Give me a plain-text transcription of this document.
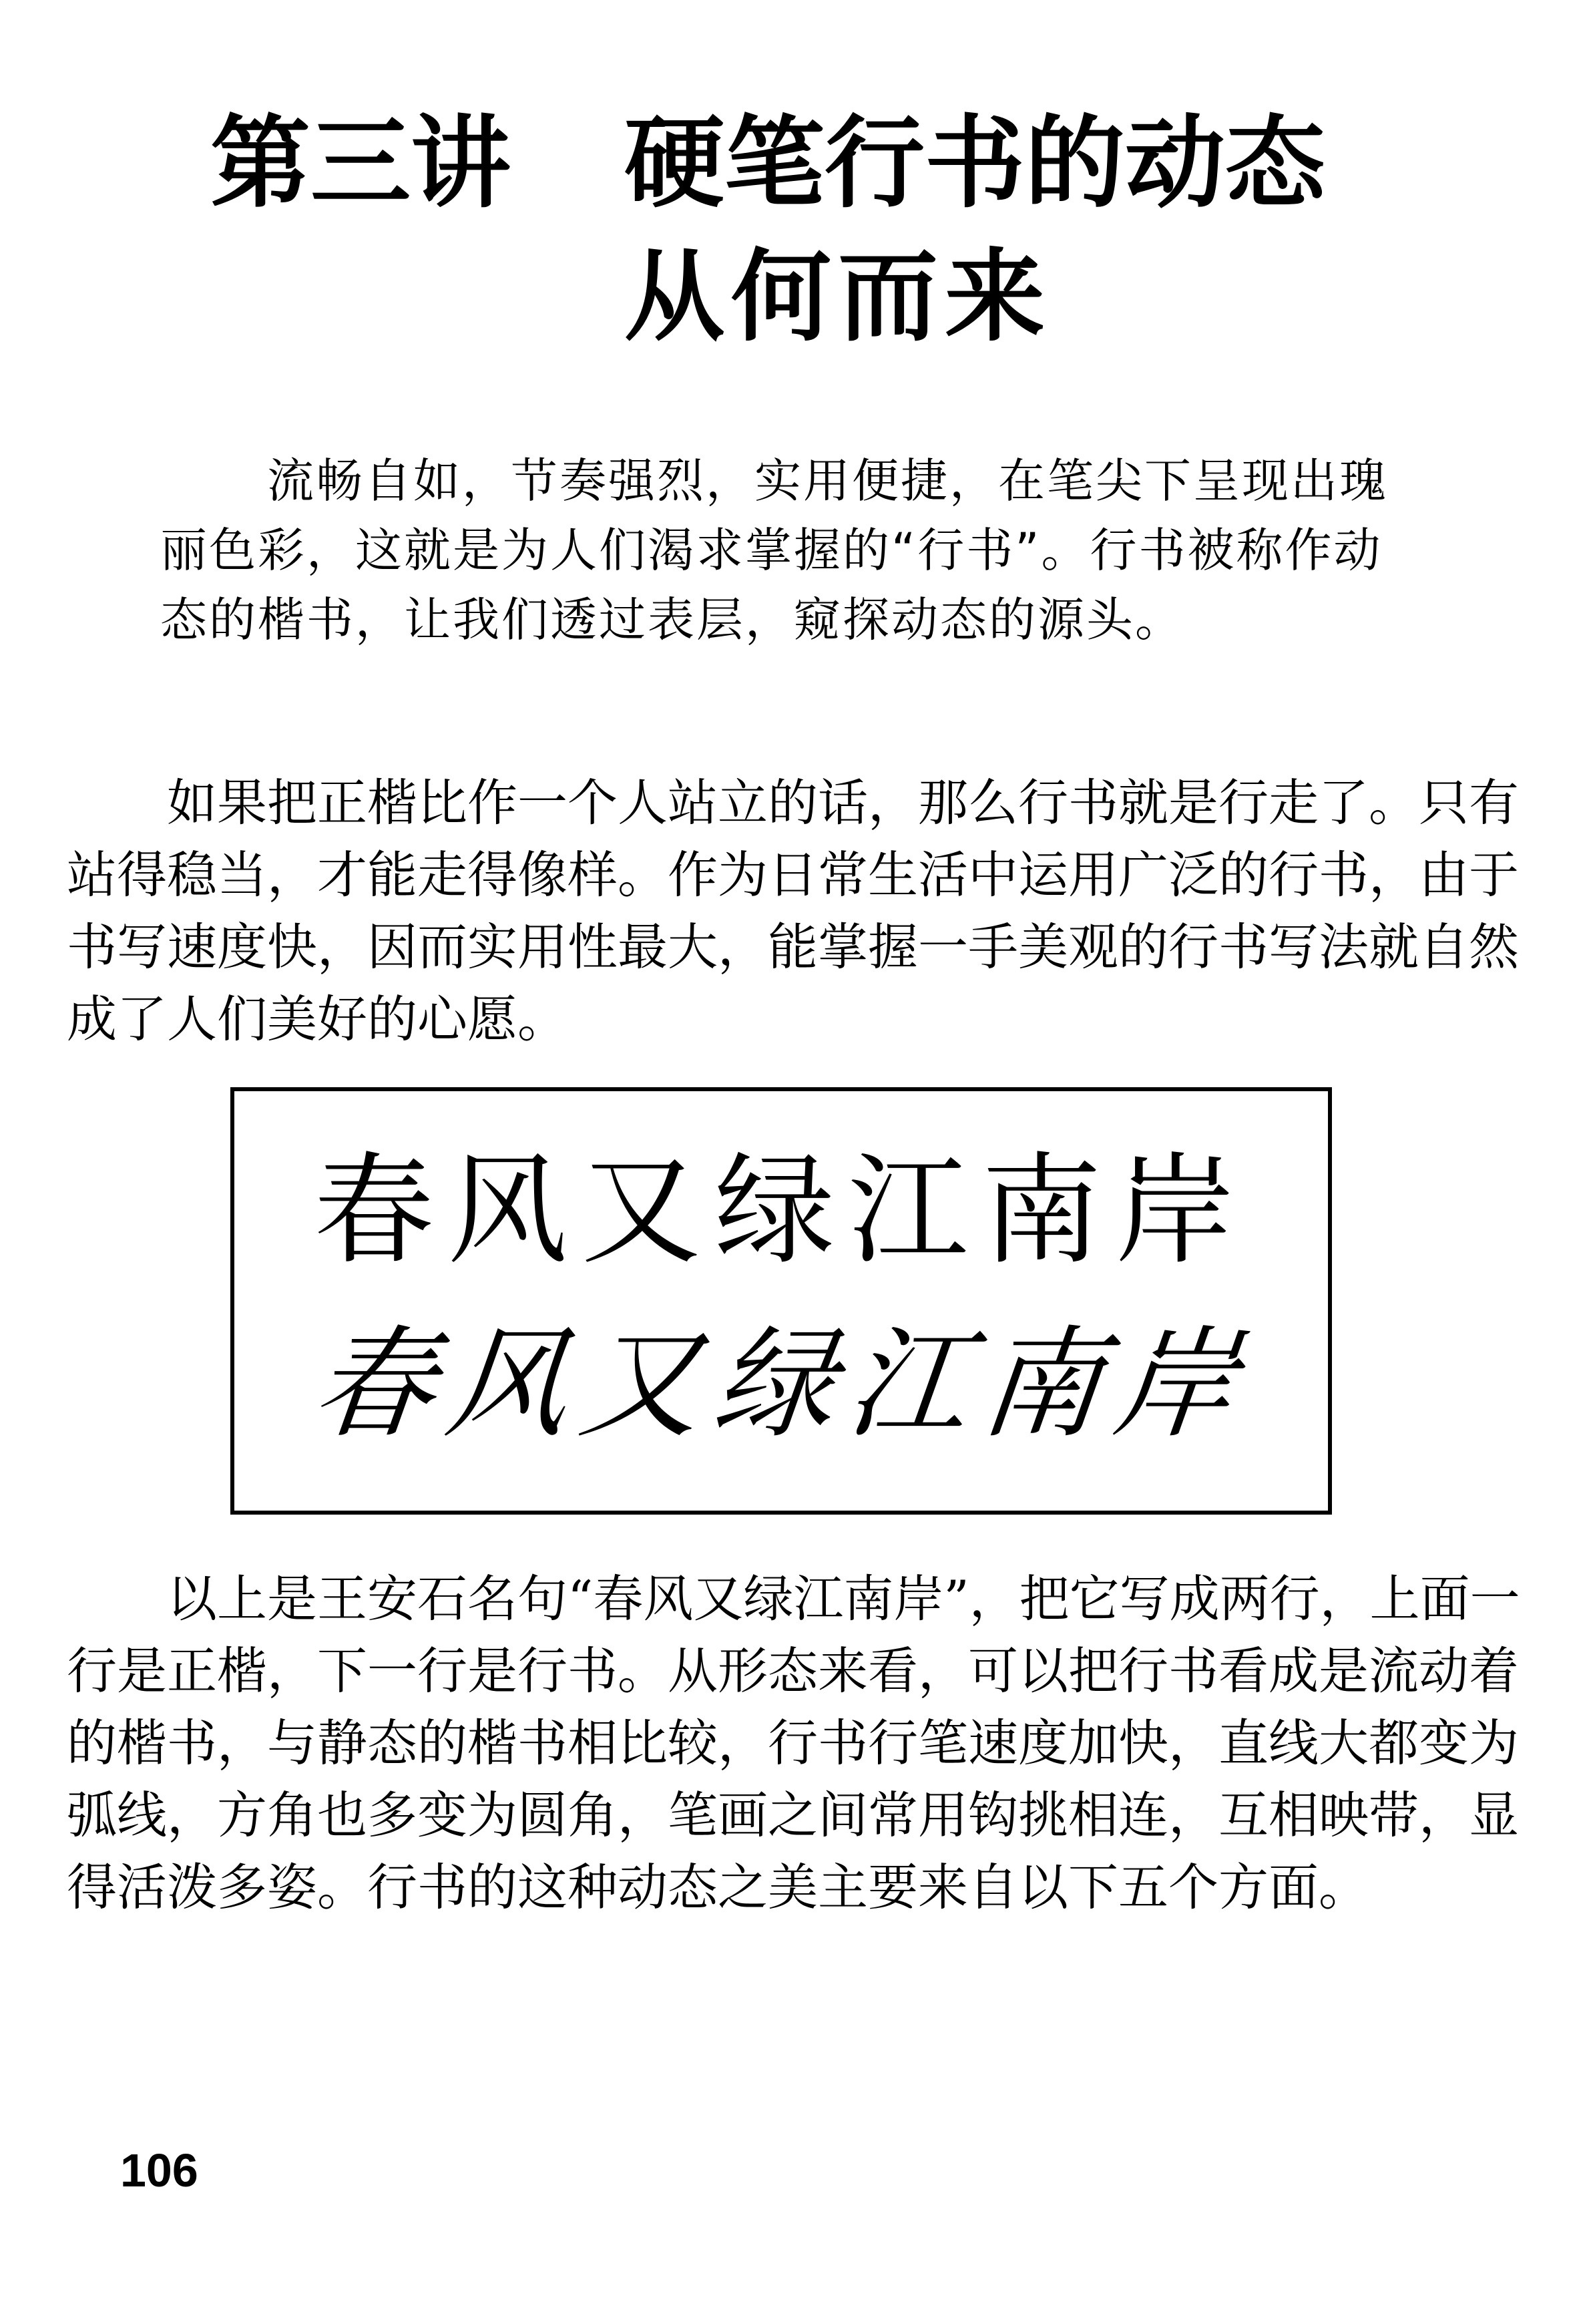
第三讲 硬笔行书的动态
从何而来

流畅自如，节奏强烈，实用便捷，在笔尖下呈现出瑰丽色彩，这就是为人们渴求掌握的“行书”。行书被称作动态的楷书，让我们透过表层，窥探动态的源头。

如果把正楷比作一个人站立的话，那么行书就是行走了。只有站得稳当，才能走得像样。作为日常生活中运用广泛的行书，由于书写速度快，因而实用性最大，能掌握一手美观的行书写法就自然成了人们美好的心愿。

春风又绿江南岸
春风又绿江南岸

以上是王安石名句“春风又绿江南岸”，把它写成两行，上面一行是正楷，下一行是行书。从形态来看，可以把行书看成是流动着的楷书，与静态的楷书相比较，行书行笔速度加快，直线大都变为弧线，方角也多变为圆角，笔画之间常用钩挑相连，互相映带，显得活泼多姿。行书的这种动态之美主要来自以下五个方面。

106
